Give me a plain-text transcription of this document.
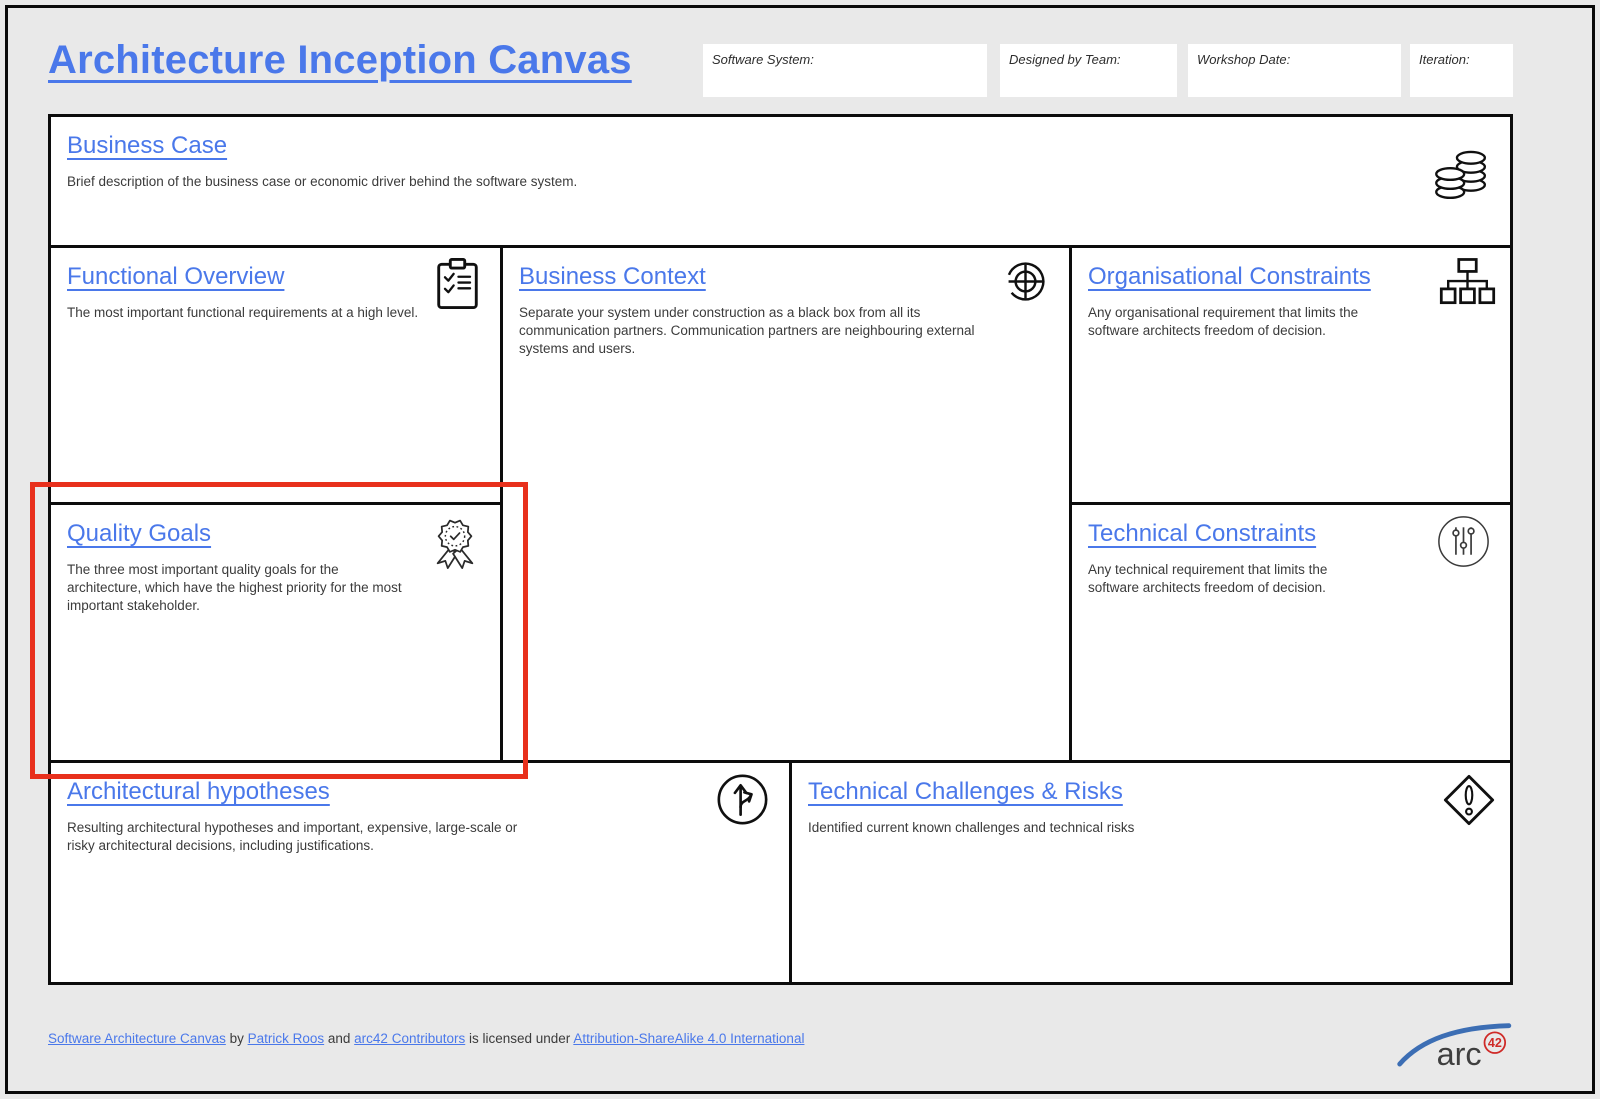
Architecture Inception Canvas	Software System:	Designed by Team:	Workshop Date:	Iteration:
Business Case

Brief description of the business case or economic driver behind the software system.

Functional Overview

The most important functional requirements at a high level.

Business Context

Separate your system under construction as a black box from all its communication partners. Communication partners are neighbouring external systems and users.

Organisational Constraints

Any organisational requirement that limits the software architects freedom of decision.

Quality Goals

The three most important quality goals for the architecture, which have the highest priority for the most important stakeholder.

Technical Constraints

Any technical requirement that limits the software architects freedom of decision.

Architectural hypotheses

Resulting architectural hypotheses and important, expensive, large-scale or risky architectural decisions, including justifications.

Technical Challenges & Risks

Identified current known challenges and technical risks

Software Architecture Canvas by Patrick Roos and arc42 Contributors is licensed under Attribution-ShareAlike 4.0 International	arc 42
